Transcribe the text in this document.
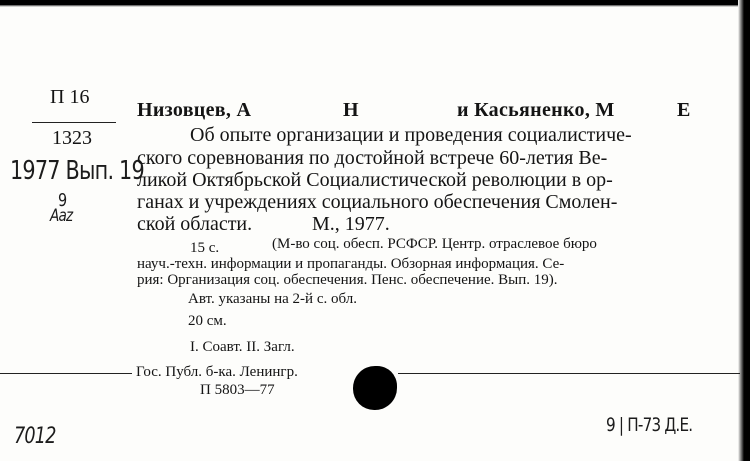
П 16
1323
1977 Вып. 19
9
Aaz
7012	9 | П-73 Д.Е.
Низовцев, А	Н	и Касьяненко, М	Е
Об опыте организации и проведения социалистиче-
ского соревнования по достойной встрече 60-летия Ве-
ликой Октябрьской Социалистической революции в ор-
ганах и учреждениях социального обеспечения Смолен-
ской области.	М., 1977.
15 с.	(М-во соц. обесп. РСФСР. Центр. отраслевое бюро
науч.-техн. информации и пропаганды. Обзорная информация. Се-
рия: Организация соц. обеспечения. Пенс. обеспечение. Вып. 19).
Авт. указаны на 2-й с. обл.
20 см.
I. Соавт. II. Загл.
Гос. Публ. б-ка. Ленингр.
П 5803—77
